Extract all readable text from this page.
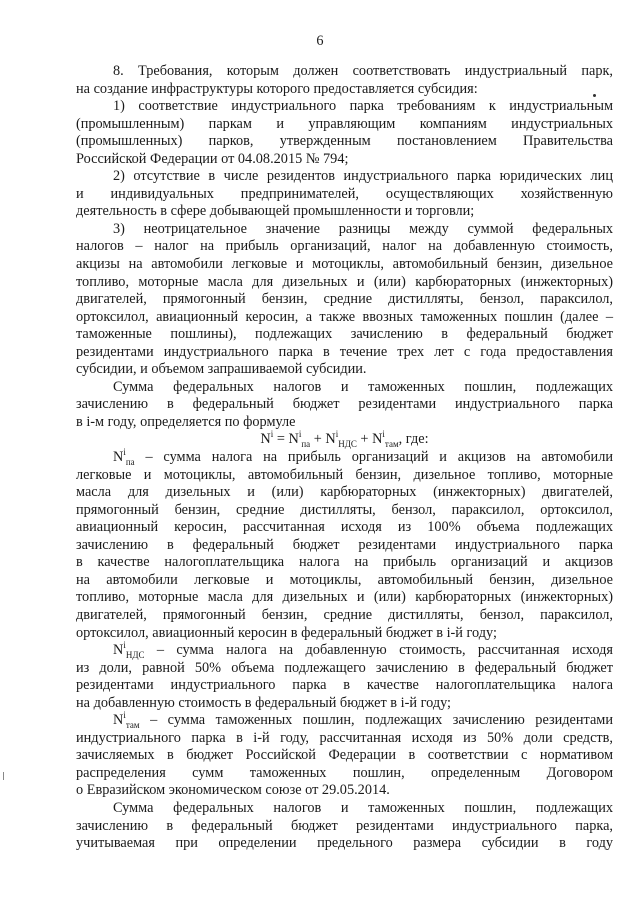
6

8. Требования, которым должен соответствовать индустриальный парк,

на создание инфраструктуры которого предоставляется субсидия:

1) соответствие индустриального парка требованиям к индустриальным

(промышленным) паркам и управляющим компаниям индустриальных

(промышленных) парков, утвержденным постановлением Правительства

Российской Федерации от 04.08.2015 № 794;

2) отсутствие в числе резидентов индустриального парка юридических лиц

и индивидуальных предпринимателей, осуществляющих хозяйственную

деятельность в сфере добывающей промышленности и торговли;

3) неотрицательное значение разницы между суммой федеральных

налогов – налог на прибыль организаций, налог на добавленную стоимость,

акцизы на автомобили легковые и мотоциклы, автомобильный бензин, дизельное

топливо, моторные масла для дизельных и (или) карбюраторных (инжекторных)

двигателей, прямогонный бензин, средние дистилляты, бензол, параксилол,

ортоксилол, авиационный керосин, а также ввозных таможенных пошлин (далее –

таможенные пошлины), подлежащих зачислению в федеральный бюджет

резидентами индустриального парка в течение трех лет с года предоставления

субсидии, и объемом запрашиваемой субсидии.

Сумма федеральных налогов и таможенных пошлин, подлежащих

зачислению в федеральный бюджет резидентами индустриального парка

в i-м году, определяется по формуле

$N^i = N^i_{па} + N^i_{НДС} + N^i_{там}$, где:

$N^i_{па}$ – сумма налога на прибыль организаций и акцизов на автомобили

легковые и мотоциклы, автомобильный бензин, дизельное топливо, моторные

масла для дизельных и (или) карбюраторных (инжекторных) двигателей,

прямогонный бензин, средние дистилляты, бензол, параксилол, ортоксилол,

авиационный керосин, рассчитанная исходя из 100% объема подлежащих

зачислению в федеральный бюджет резидентами индустриального парка

в качестве налогоплательщика налога на прибыль организаций и акцизов

на автомобили легковые и мотоциклы, автомобильный бензин, дизельное

топливо, моторные масла для дизельных и (или) карбюраторных (инжекторных)

двигателей, прямогонный бензин, средние дистилляты, бензол, параксилол,

ортоксилол, авиационный керосин в федеральный бюджет в i-й году;

$N^i_{НДС}$ – сумма налога на добавленную стоимость, рассчитанная исходя

из доли, равной 50% объема подлежащего зачислению в федеральный бюджет

резидентами индустриального парка в качестве налогоплательщика налога

на добавленную стоимость в федеральный бюджет в i-й году;

$N^i_{там}$ – сумма таможенных пошлин, подлежащих зачислению резидентами

индустриального парка в i-й году, рассчитанная исходя из 50% доли средств,

зачисляемых в бюджет Российской Федерации в соответствии с нормативом

распределения сумм таможенных пошлин, определенным Договором

о Евразийском экономическом союзе от 29.05.2014.

Сумма федеральных налогов и таможенных пошлин, подлежащих

зачислению в федеральный бюджет резидентами индустриального парка,

учитываемая при определении предельного размера субсидии в году
